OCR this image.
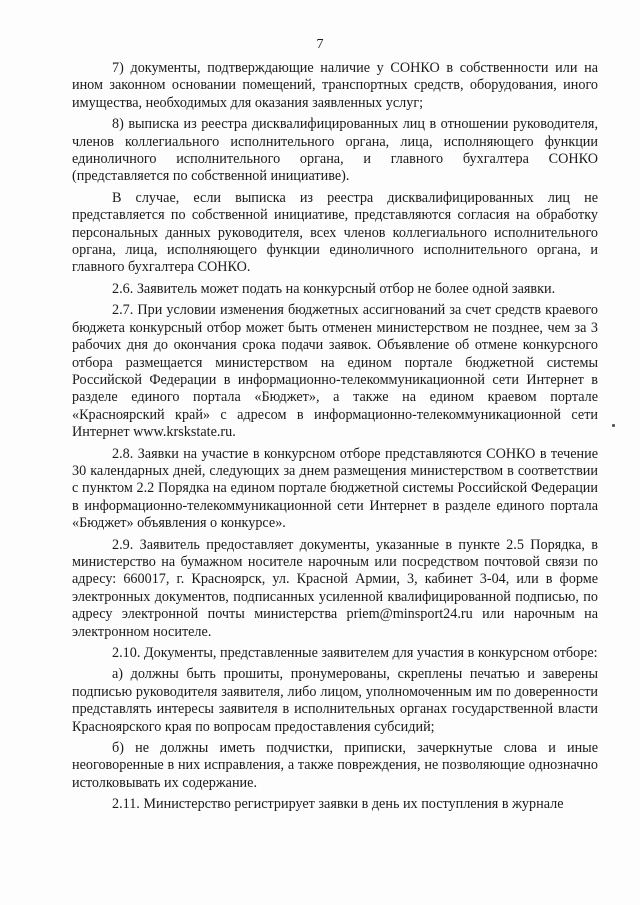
7

7) документы, подтверждающие наличие у СОНКО в собственности или на ином законном основании помещений, транспортных средств, оборудования, иного имущества, необходимых для оказания заявленных услуг;

8) выписка из реестра дисквалифицированных лиц в отношении руководителя, членов коллегиального исполнительного органа, лица, исполняющего функции единоличного исполнительного органа, и главного бухгалтера СОНКО (представляется по собственной инициативе).

В случае, если выписка из реестра дисквалифицированных лиц не представляется по собственной инициативе, представляются согласия на обработку персональных данных руководителя, всех членов коллегиального исполнительного органа, лица, исполняющего функции единоличного исполнительного органа, и главного бухгалтера СОНКО.

2.6. Заявитель может подать на конкурсный отбор не более одной заявки.

2.7. При условии изменения бюджетных ассигнований за счет средств краевого бюджета конкурсный отбор может быть отменен министерством не позднее, чем за 3 рабочих дня до окончания срока подачи заявок. Объявление об отмене конкурсного отбора размещается министерством на едином портале бюджетной системы Российской Федерации в информационно-телекоммуникационной сети Интернет в разделе единого портала «Бюджет», а также на едином краевом портале «Красноярский край» с адресом в информационно-телекоммуникационной сети Интернет www.krskstate.ru.

2.8. Заявки на участие в конкурсном отборе представляются СОНКО в течение 30 календарных дней, следующих за днем размещения министерством в соответствии с пунктом 2.2 Порядка на едином портале бюджетной системы Российской Федерации в информационно-телекоммуникационной сети Интернет в разделе единого портала «Бюджет» объявления о конкурсе».

2.9. Заявитель предоставляет документы, указанные в пункте 2.5 Порядка, в министерство на бумажном носителе нарочным или посредством почтовой связи по адресу: 660017, г. Красноярск, ул. Красной Армии, 3, кабинет 3-04, или в форме электронных документов, подписанных усиленной квалифицированной подписью, по адресу электронной почты министерства priem@minsport24.ru или нарочным на электронном носителе.

2.10. Документы, представленные заявителем для участия в конкурсном отборе:

а) должны быть прошиты, пронумерованы, скреплены печатью и заверены подписью руководителя заявителя, либо лицом, уполномоченным им по доверенности представлять интересы заявителя в исполнительных органах государственной власти Красноярского края по вопросам предоставления субсидий;

б) не должны иметь подчистки, приписки, зачеркнутые слова и иные неоговоренные в них исправления, а также повреждения, не позволяющие однозначно истолковывать их содержание.

2.11. Министерство регистрирует заявки в день их поступления в журнале
